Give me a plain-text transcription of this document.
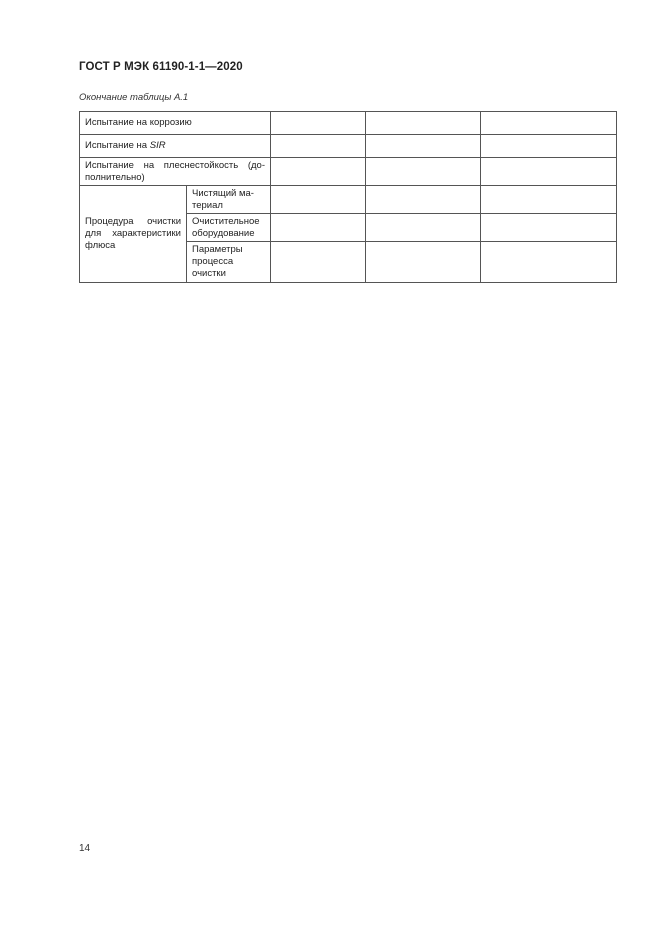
ГОСТ Р МЭК 61190-1-1—2020
Окончание таблицы А.1
Испытание на коррозию				
Испытание на SIR				
Испытание на плеснестойкость (до-полнительно)				
Процедура очистки для характеристики флюса	Чистящий ма-териал			
	Очистительное оборудование			
	Параметры процесса очистки			
14
